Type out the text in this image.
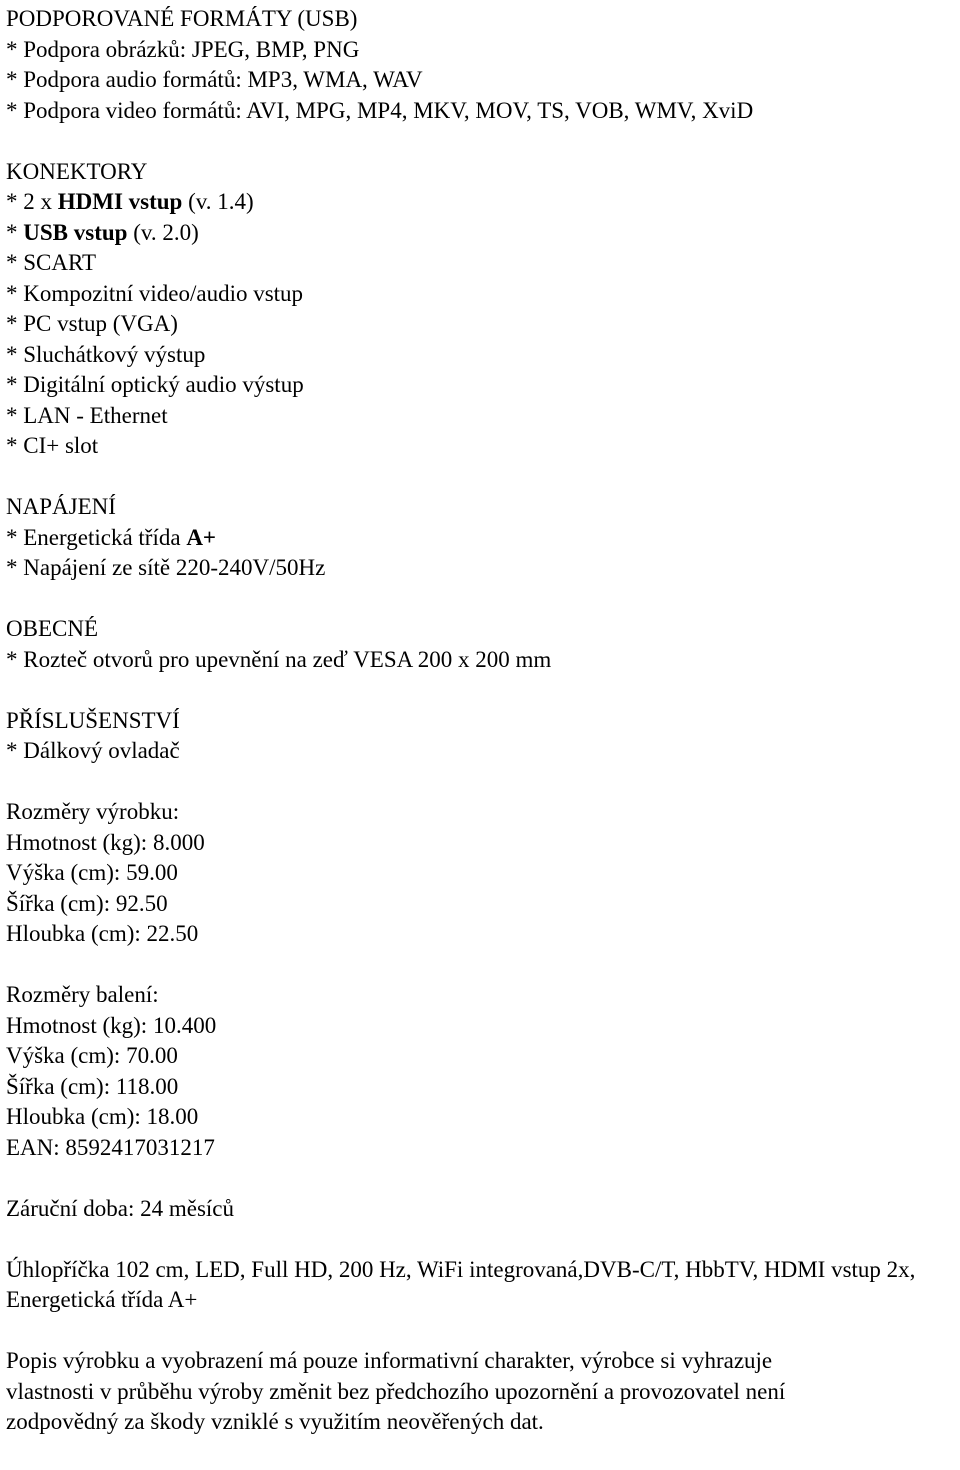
PODPOROVANÉ FORMÁTY (USB)
* Podpora obrázků: JPEG, BMP, PNG
* Podpora audio formátů: MP3, WMA, WAV
* Podpora video formátů: AVI, MPG, MP4, MKV, MOV, TS, VOB, WMV, XviD
KONEKTORY
* 2 x HDMI vstup (v. 1.4)
* USB vstup (v. 2.0)
* SCART
* Kompozitní video/audio vstup
* PC vstup (VGA)
* Sluchátkový výstup
* Digitální optický audio výstup
* LAN - Ethernet
* CI+ slot
NAPÁJENÍ
* Energetická třída A+
* Napájení ze sítě 220-240V/50Hz
OBECNÉ
* Rozteč otvorů pro upevnění na zeď VESA 200 x 200 mm
PŘÍSLUŠENSTVÍ
* Dálkový ovladač
Rozměry výrobku:
Hmotnost (kg): 8.000
Výška (cm): 59.00
Šířka (cm): 92.50
Hloubka (cm): 22.50
Rozměry balení:
Hmotnost (kg): 10.400
Výška (cm): 70.00
Šířka (cm): 118.00
Hloubka (cm): 18.00
EAN: 8592417031217
Záruční doba: 24 měsíců
Úhlopříčka 102 cm, LED, Full HD, 200 Hz, WiFi integrovaná,DVB-C/T, HbbTV, HDMI vstup 2x, Energetická třída A+
Popis výrobku a vyobrazení má pouze informativní charakter, výrobce si vyhrazuje vlastnosti v průběhu výroby změnit bez předchozího upozornění a provozovatel není zodpovědný za škody vzniklé s využitím neověřených dat.
